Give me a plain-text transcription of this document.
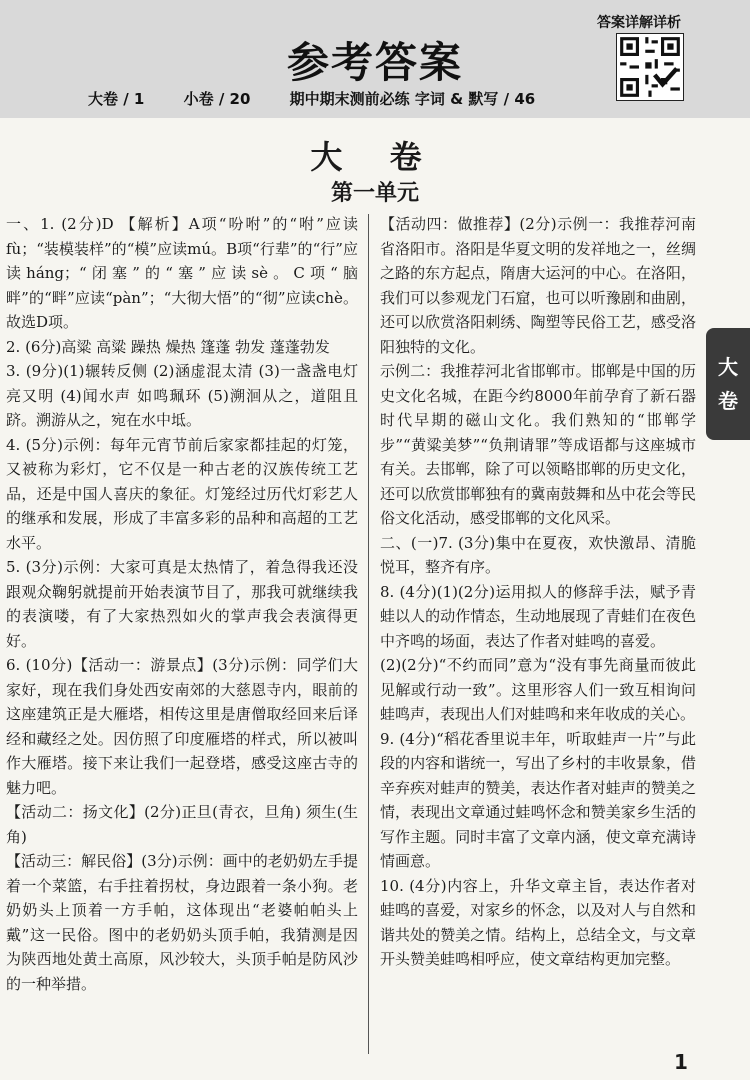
参考答案
大卷 / 1	小卷 / 20	期中期末测前必练 字词 & 默写 / 46
答案详解详析
大 卷
第一单元

一、1. (2分)D 【解析】A项“吩咐”的“咐”应读fù；“装模装样”的“模”应读mú。B项“行辈”的“行”应读háng；“闭塞”的“塞”应读sè。C项“脑畔”的“畔”应读“pàn”；“大彻大悟”的“彻”应读chè。故选D项。

2. (6分)高粱 高粱 躁热 燥热 篷蓬 勃发 蓬蓬勃发

3. (9分)(1)辗转反侧 (2)涵虚混太清 (3)一盏盏电灯亮又明 (4)闻水声 如鸣珮环 (5)溯洄从之，道阻且跻。溯游从之，宛在水中坻。

4. (5分)示例：每年元宵节前后家家都挂起的灯笼，又被称为彩灯，它不仅是一种古老的汉族传统工艺品，还是中国人喜庆的象征。灯笼经过历代灯彩艺人的继承和发展，形成了丰富多彩的品种和高超的工艺水平。

5. (3分)示例：大家可真是太热情了，着急得我还没跟观众鞠躬就提前开始表演节目了，那我可就继续我的表演喽，有了大家热烈如火的掌声我会表演得更好。

6. (10分)【活动一：游景点】(3分)示例：同学们大家好，现在我们身处西安南郊的大慈恩寺内，眼前的这座建筑正是大雁塔，相传这里是唐僧取经回来后译经和藏经之处。因仿照了印度雁塔的样式，所以被叫作大雁塔。接下来让我们一起登塔，感受这座古寺的魅力吧。

【活动二：扬文化】(2分)正旦(青衣，旦角) 须生(生角)

【活动三：解民俗】(3分)示例：画中的老奶奶左手提着一个菜篮，右手拄着拐杖，身边跟着一条小狗。老奶奶头上顶着一方手帕，这体现出“老婆帕帕头上戴”这一民俗。图中的老奶奶头顶手帕，我猜测是因为陕西地处黄土高原，风沙较大，头顶手帕是防风沙的一种举措。

【活动四：做推荐】(2分)示例一：我推荐河南省洛阳市。洛阳是华夏文明的发祥地之一，丝绸之路的东方起点，隋唐大运河的中心。在洛阳，我们可以参观龙门石窟，也可以听豫剧和曲剧，还可以欣赏洛阳刺绣、陶塑等民俗工艺，感受洛阳独特的文化。

示例二：我推荐河北省邯郸市。邯郸是中国的历史文化名城，在距今约8000年前孕育了新石器时代早期的磁山文化。我们熟知的“邯郸学步”“黄粱美梦”“负荆请罪”等成语都与这座城市有关。去邯郸，除了可以领略邯郸的历史文化，还可以欣赏邯郸独有的冀南鼓舞和丛中花会等民俗文化活动，感受邯郸的文化风采。

二、(一)7. (3分)集中在夏夜，欢快激昂、清脆悦耳，整齐有序。

8. (4分)(1)(2分)运用拟人的修辞手法，赋予青蛙以人的动作情态，生动地展现了青蛙们在夜色中齐鸣的场面，表达了作者对蛙鸣的喜爱。

(2)(2分)“不约而同”意为“没有事先商量而彼此见解或行动一致”。这里形容人们一致互相询问蛙鸣声，表现出人们对蛙鸣和来年收成的关心。

9. (4分)“稻花香里说丰年，听取蛙声一片”与此段的内容和谐统一，写出了乡村的丰收景象，借辛弃疾对蛙声的赞美，表达作者对蛙声的赞美之情，表现出文章通过蛙鸣怀念和赞美家乡生活的写作主题。同时丰富了文章内涵，使文章充满诗情画意。

10. (4分)内容上，升华文章主旨，表达作者对蛙鸣的喜爱，对家乡的怀念，以及对人与自然和谐共处的赞美之情。结构上，总结全文，与文章开头赞美蛙鸣相呼应，使文章结构更加完整。

大
卷
1
